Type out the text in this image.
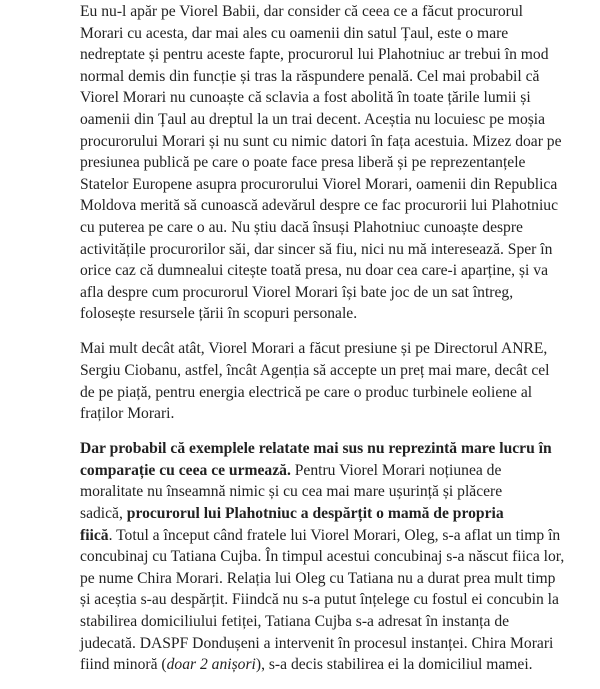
Eu nu-l apăr pe Viorel Babii, dar consider că ceea ce a făcut procurorul
Morari cu acesta, dar mai ales cu oamenii din satul Țaul, este o mare
nedreptate și pentru aceste fapte, procurorul lui Plahotniuc ar trebui în mod
normal demis din funcție și tras la răspundere penală. Cel mai probabil că
Viorel Morari nu cunoaște că sclavia a fost abolită în toate țările lumii și
oamenii din Țaul au dreptul la un trai decent. Aceștia nu locuiesc pe moșia
procurorului Morari și nu sunt cu nimic datori în fața acestuia. Mizez doar pe
presiunea publică pe care o poate face presa liberă și pe reprezentanțele
Statelor Europene asupra procurorului Viorel Morari, oamenii din Republica
Moldova merită să cunoască adevărul despre ce fac procurorii lui Plahotniuc
cu puterea pe care o au. Nu știu dacă însuși Plahotniuc cunoaște despre
activitățile procurorilor săi, dar sincer să fiu, nici nu mă interesează. Sper în
orice caz că dumnealui citește toată presa, nu doar cea care-i aparține, și va
afla despre cum procurorul Viorel Morari își bate joc de un sat întreg,
folosește resursele țării în scopuri personale.

Mai mult decât atât, Viorel Morari a făcut presiune și pe Directorul ANRE,
Sergiu Ciobanu, astfel, încât Agenția să accepte un preț mai mare, decât cel
de pe piață, pentru energia electrică pe care o produc turbinele eoliene al
fraților Morari.

Dar probabil că exemplele relatate mai sus nu reprezintă mare lucru în
comparație cu ceea ce urmează. Pentru Viorel Morari noțiunea de
moralitate nu înseamnă nimic și cu cea mai mare ușurință și plăcere
sadică, procurorul lui Plahotniuc a despărțit o mamă de propria
fiică. Totul a început când fratele lui Viorel Morari, Oleg, s-a aflat un timp în
concubinaj cu Tatiana Cujba. În timpul acestui concubinaj s-a născut fiica lor,
pe nume Chira Morari. Relația lui Oleg cu Tatiana nu a durat prea mult timp
și aceștia s-au despărțit. Fiindcă nu s-a putut înțelege cu fostul ei concubin la
stabilirea domiciliului fetiței, Tatiana Cujba s-a adresat în instanța de
judecată. DASPF Dondușeni a intervenit în procesul instanței. Chira Morari
fiind minoră (doar 2 anișori), s-a decis stabilirea ei la domiciliul mamei.
